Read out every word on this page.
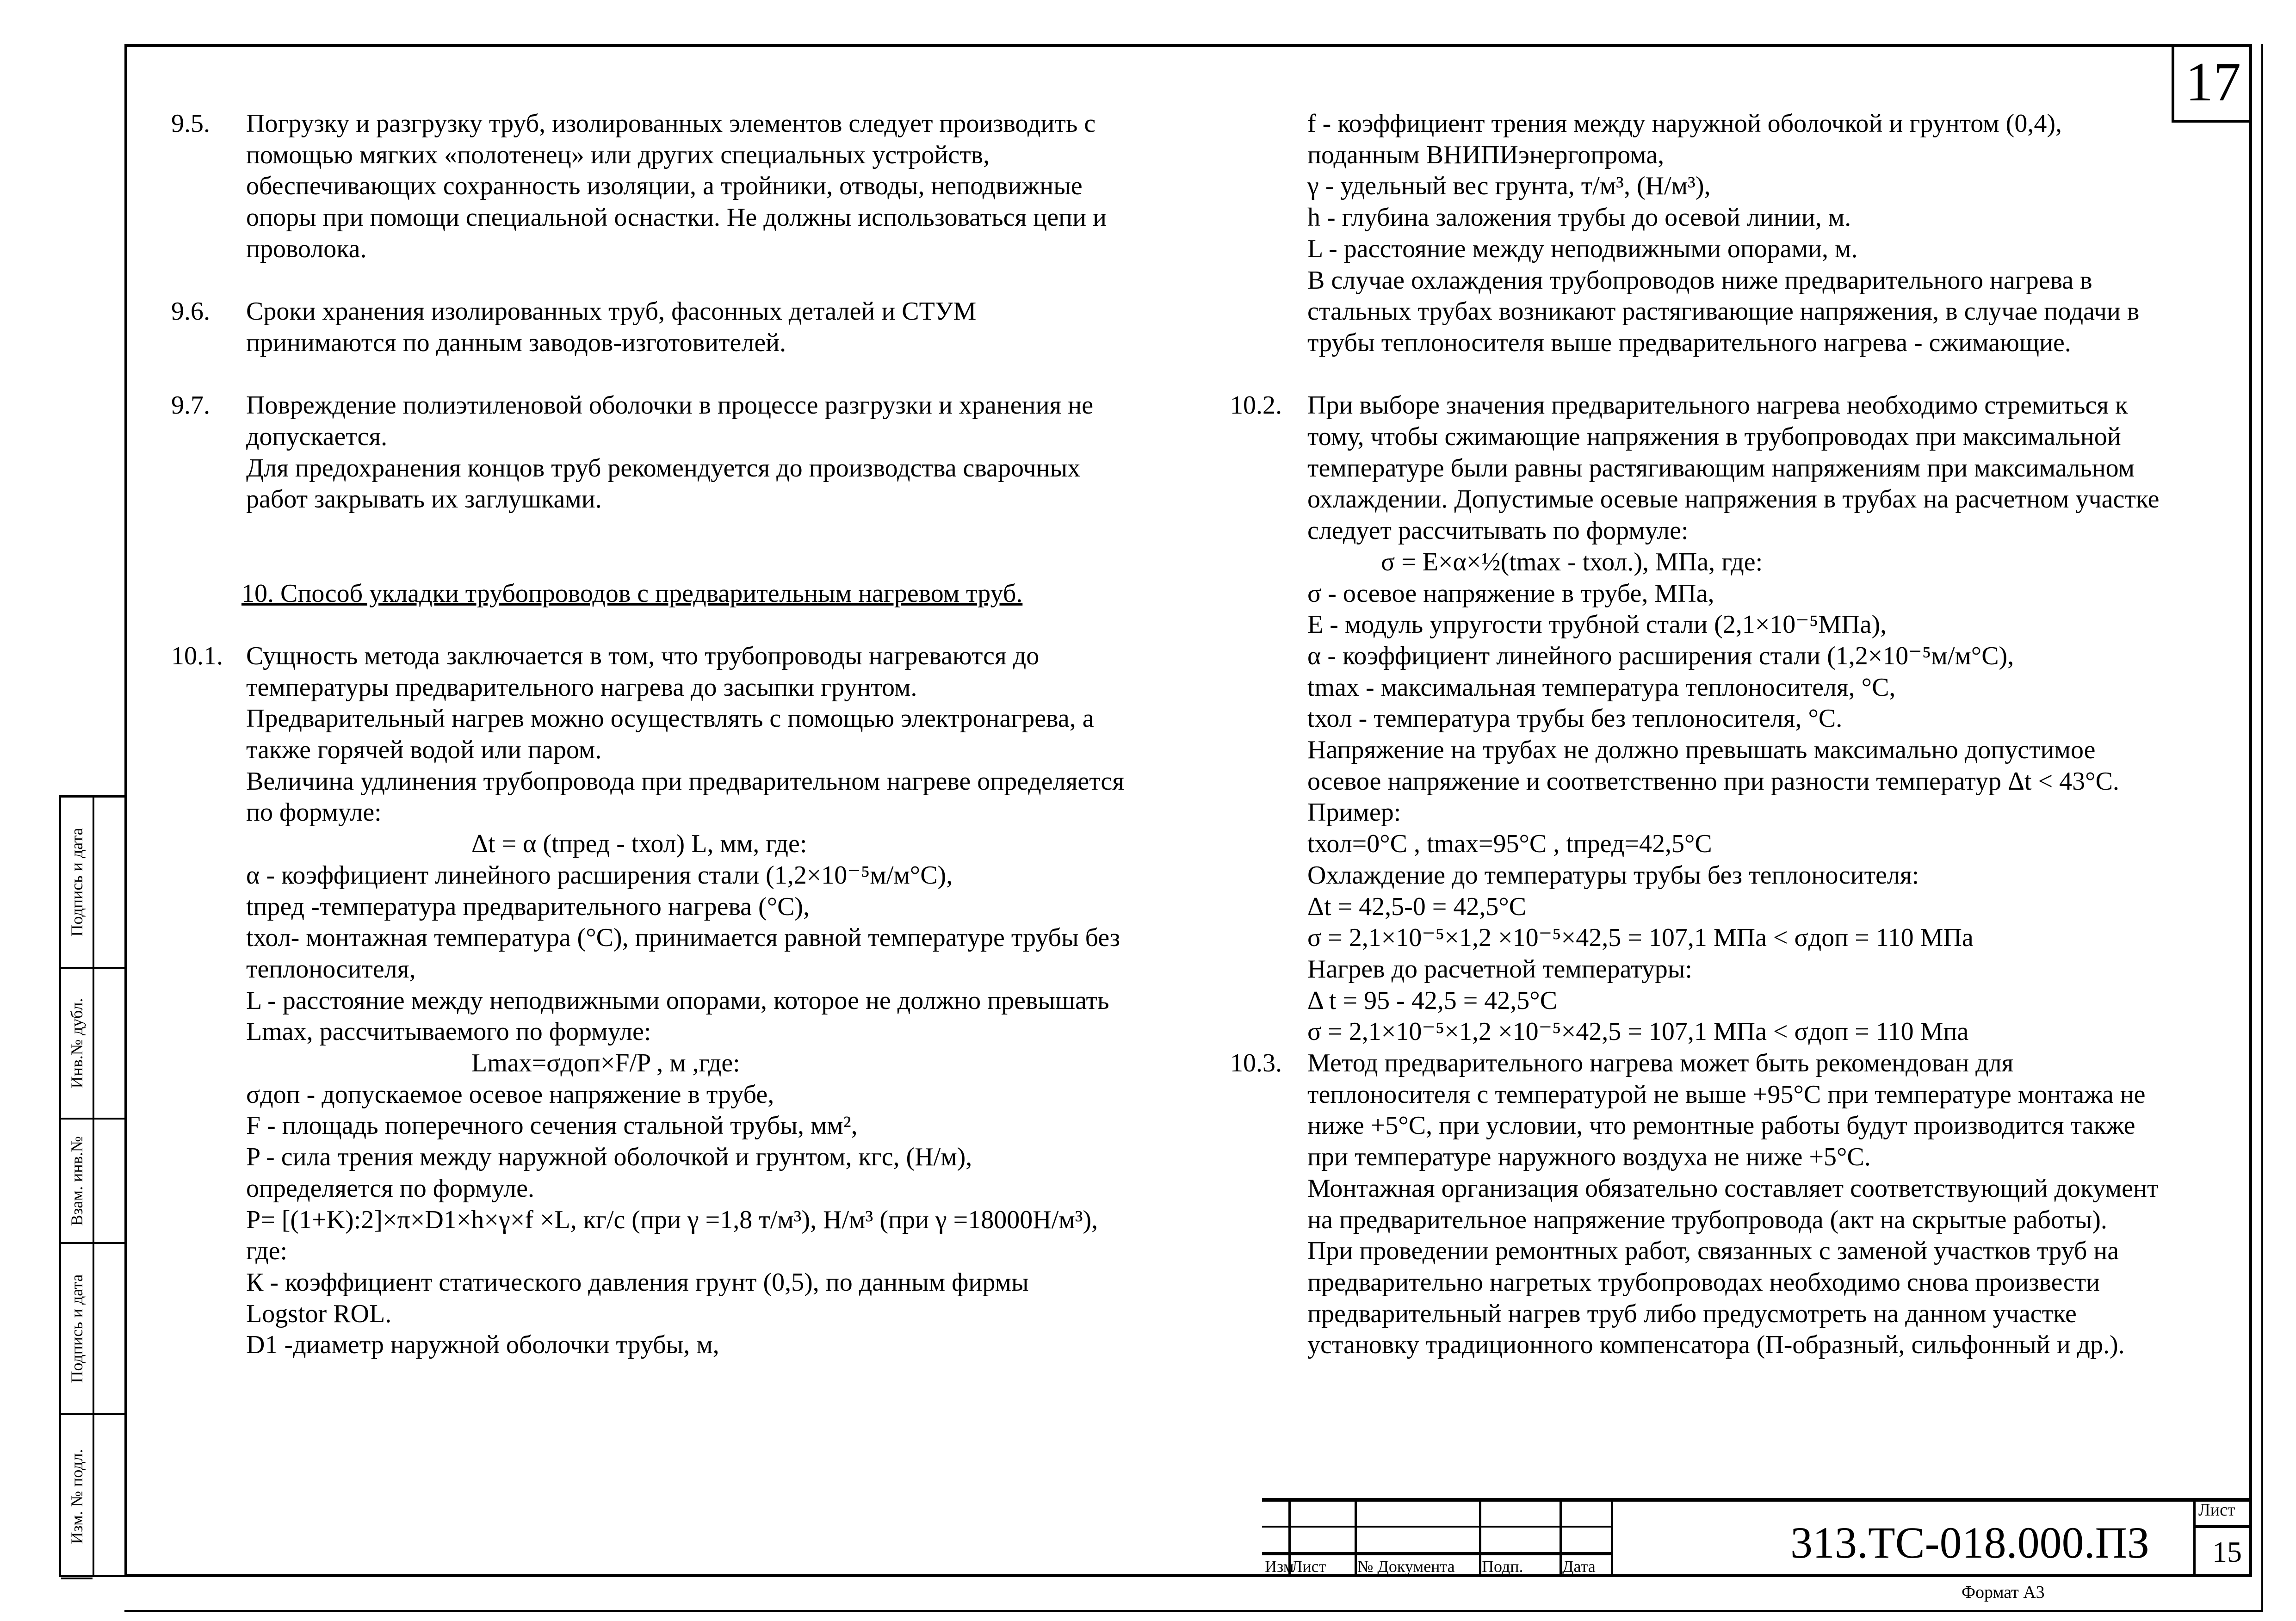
17
9.5. Погрузку и разгрузку труб, изолированных элементов следует производить с
помощью мягких «полотенец» или других специальных устройств,
обеспечивающих сохранность изоляции, а тройники, отводы, неподвижные
опоры при помощи специальной оснастки. Не должны использоваться цепи и
проволока.
9.6. Сроки хранения изолированных труб, фасонных деталей и СТУМ
принимаются по данным заводов-изготовителей.
9.7. Повреждение полиэтиленовой оболочки в процессе разгрузки и хранения не
допускается.
Для предохранения концов труб рекомендуется до производства сварочных
работ закрывать их заглушками.
10. Способ укладки трубопроводов с предварительным нагревом труб.
10.1. Сущность метода заключается в том, что трубопроводы нагреваются до
температуры предварительного нагрева до засыпки грунтом.
Предварительный нагрев можно осуществлять с помощью электронагрева, а
также горячей водой или паром.
Величина удлинения трубопровода при предварительном нагреве определяется
по формуле:
Δt = α (tпред - tхол) L, мм, где:
α - коэффициент линейного расширения стали (1,2×10⁻⁵м/м°С),
tпред -температура предварительного нагрева (°С),
tхол- монтажная температура (°С), принимается равной температуре трубы без
теплоносителя,
L - расстояние между неподвижными опорами, которое не должно превышать
Lmax, рассчитываемого по формуле:
Lmax=σдоп×F/P , м ,где:
σдоп - допускаемое осевое напряжение в трубе,
F - площадь поперечного сечения стальной трубы, мм²,
P - сила трения между наружной оболочкой и грунтом, кгс, (Н/м),
определяется по формуле.
P= [(1+K):2]×π×D1×h×γ×f ×L, кг/с (при γ =1,8 т/м³), Н/м³ (при γ =18000Н/м³),
где:
К - коэффициент статического давления грунт (0,5), по данным фирмы
Logstor ROL.
D1 -диаметр наружной оболочки трубы, м,
f - коэффициент трения между наружной оболочкой и грунтом (0,4),
поданным ВНИПИэнергопрома,
γ - удельный вес грунта, т/м³, (Н/м³),
h - глубина заложения трубы до осевой линии, м.
L - расстояние между неподвижными опорами, м.
В случае охлаждения трубопроводов ниже предварительного нагрева в
стальных трубах возникают растягивающие напряжения, в случае подачи в
трубы теплоносителя выше предварительного нагрева - сжимающие.
10.2. При выборе значения предварительного нагрева необходимо стремиться к
тому, чтобы сжимающие напряжения в трубопроводах при максимальной
температуре были равны растягивающим напряжениям при максимальном
охлаждении. Допустимые осевые напряжения в трубах на расчетном участке
следует рассчитывать по формуле:
σ = E×α×½(tmax - tхол.), МПа, где:
σ - осевое напряжение в трубе, МПа,
Е - модуль упругости трубной стали (2,1×10⁻⁵МПа),
α - коэффициент линейного расширения стали (1,2×10⁻⁵м/м°С),
tmax - максимальная температура теплоносителя, °С,
tхол - температура трубы без теплоносителя, °С.
Напряжение на трубах не должно превышать максимально допустимое
осевое напряжение и соответственно при разности температур Δt < 43°С.
Пример:
tхол=0°С , tmax=95°С , tпред=42,5°С
Охлаждение до температуры трубы без теплоносителя:
Δt = 42,5-0 = 42,5°С
σ = 2,1×10⁻⁵×1,2 ×10⁻⁵×42,5 = 107,1 МПа < σдоп = 110 МПа
Нагрев до расчетной температуры:
Δ t = 95 - 42,5 = 42,5°С
σ = 2,1×10⁻⁵×1,2 ×10⁻⁵×42,5 = 107,1 МПа < σдоп = 110 Мпа
10.3. Метод предварительного нагрева может быть рекомендован для
теплоносителя с температурой не выше +95°С при температуре монтажа не
ниже +5°С, при условии, что ремонтные работы будут производится также
при температуре наружного воздуха не ниже +5°С.
Монтажная организация обязательно составляет соответствующий документ
на предварительное напряжение трубопровода (акт на скрытые работы).
При проведении ремонтных работ, связанных с заменой участков труб на
предварительно нагретых трубопроводах необходимо снова произвести
предварительный нагрев труб либо предусмотреть на данном участке
установку традиционного компенсатора (П-образный, сильфонный и др.).
Подпись и дата
Инв.№ дубл.
Взам. инв.№
Подпись и дата
Изм. № подл.
Изм
Лист № Документа Подп. Дата	313.ТС-018.000.ПЗ
Лист
15
Формат А3
